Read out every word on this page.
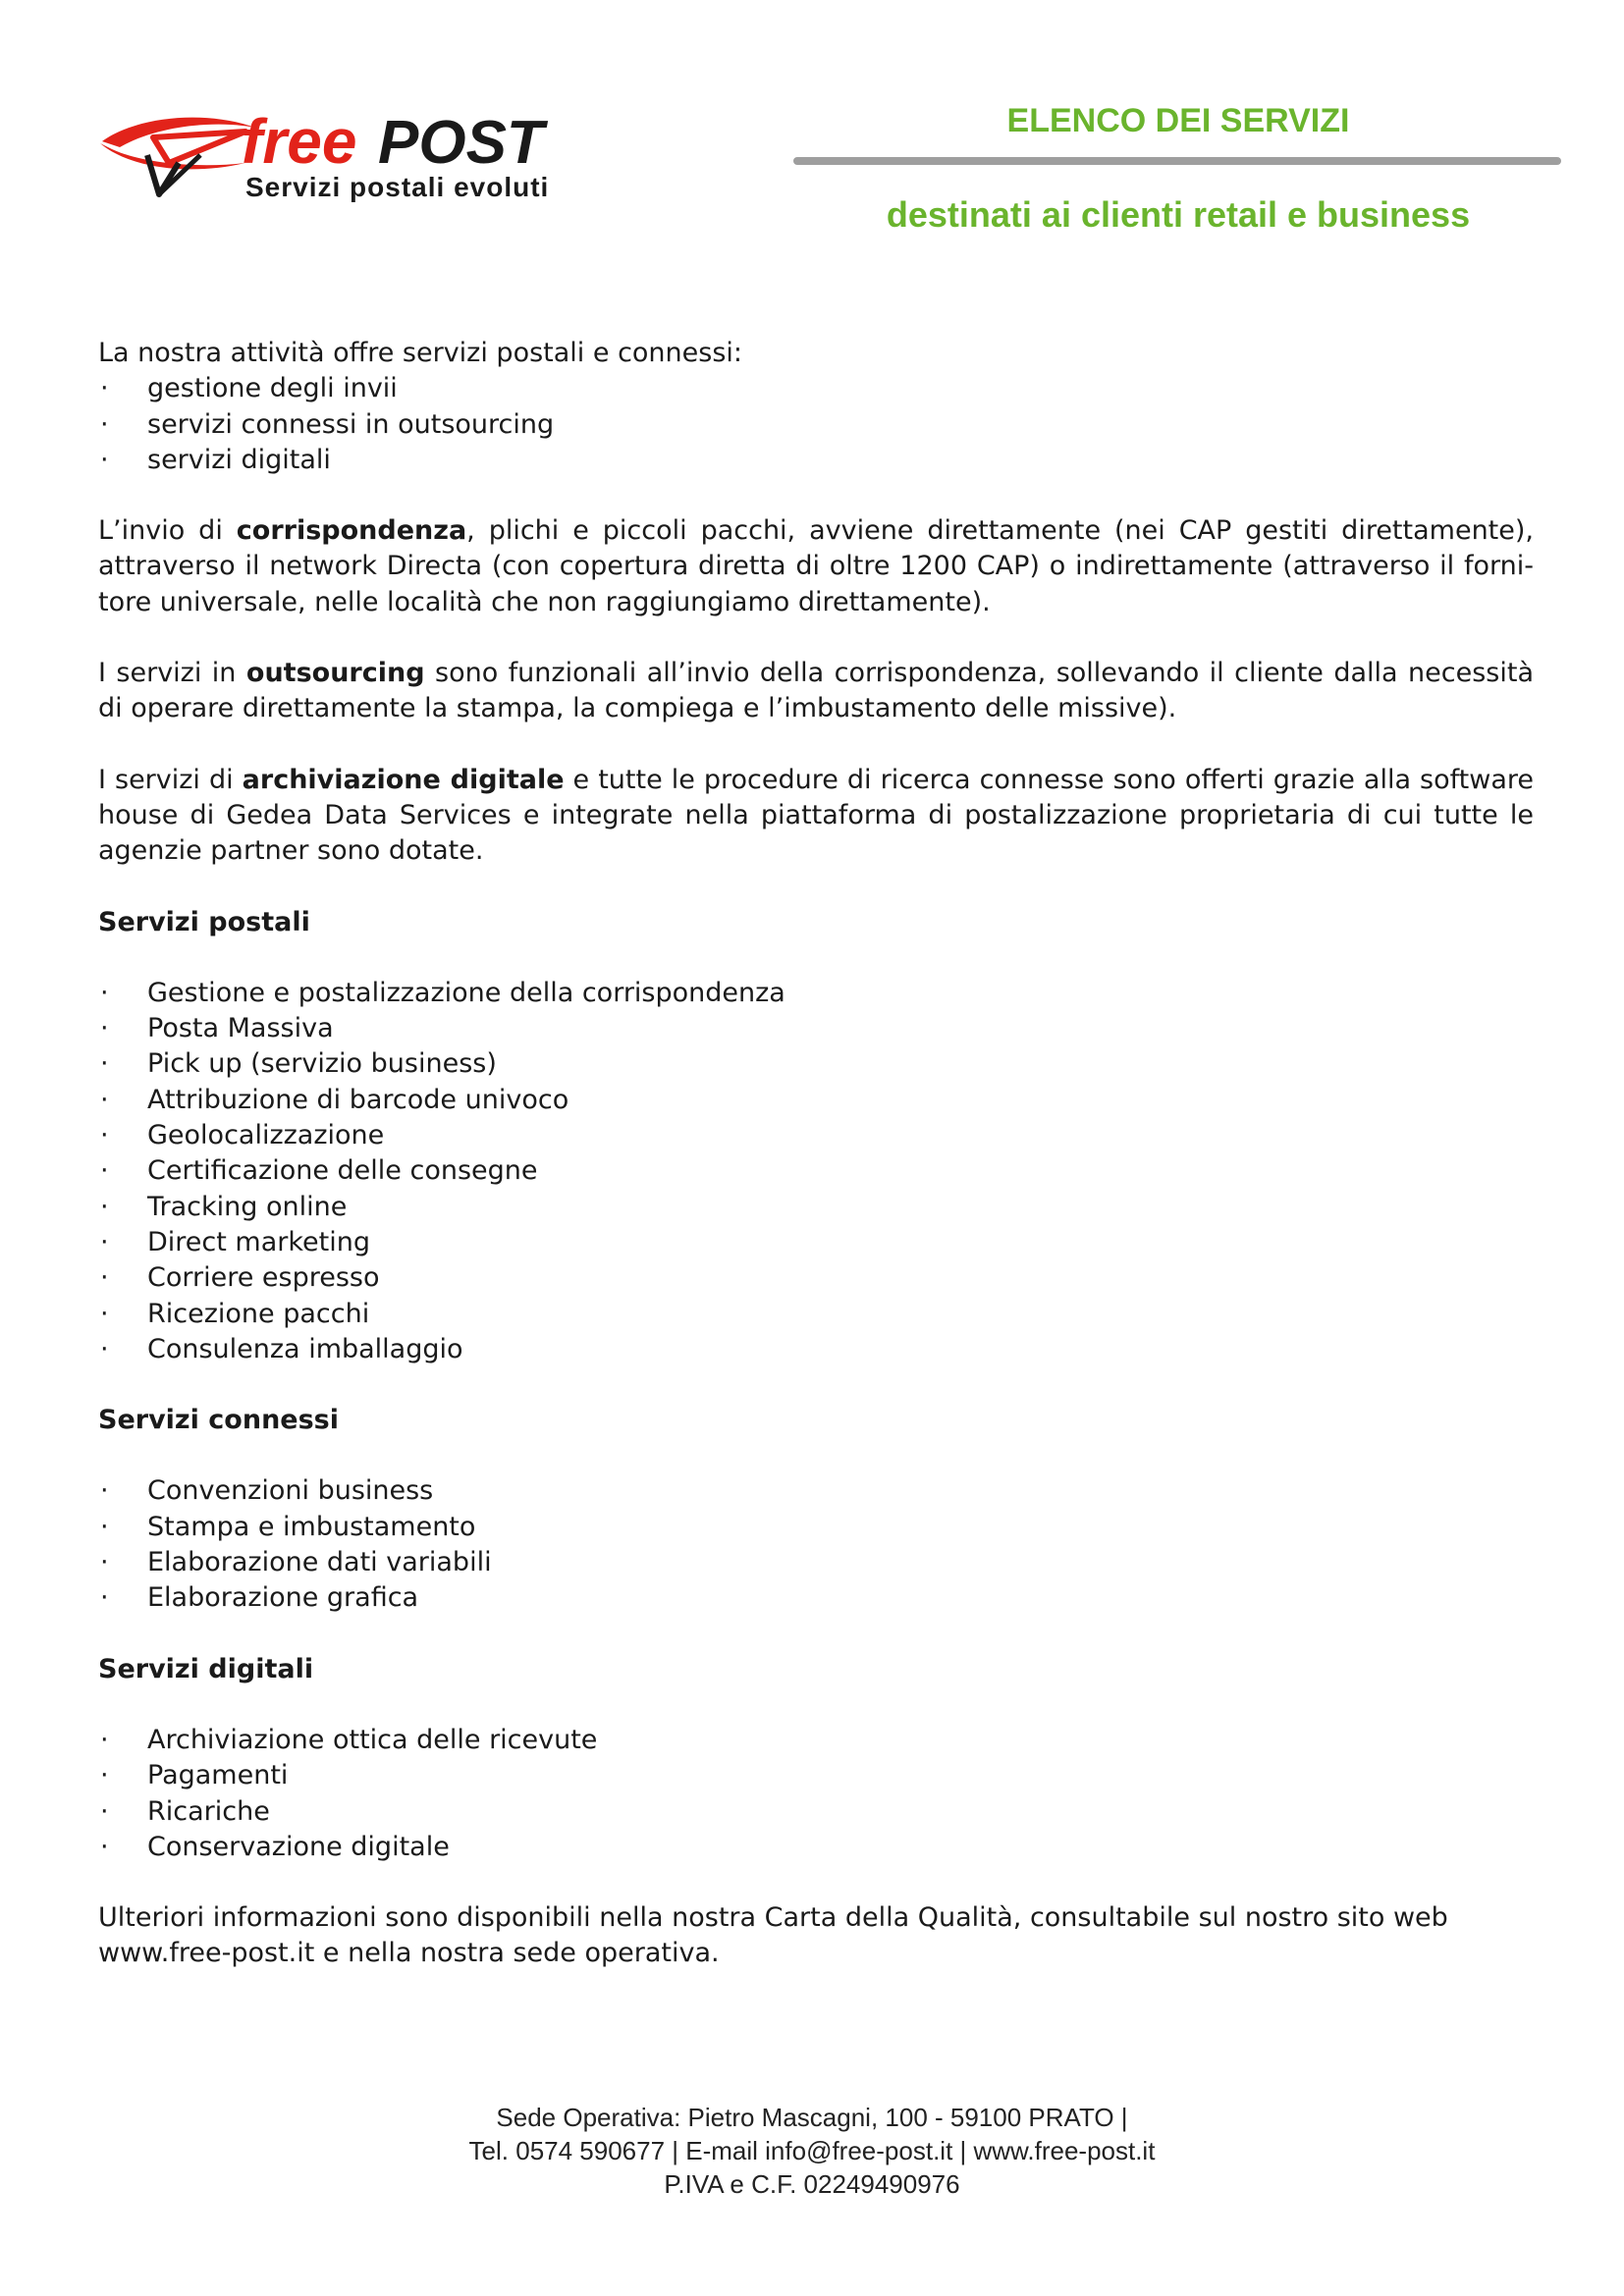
free POST
Servizi postali evoluti
ELENCO DEI SERVIZI
destinati ai clienti retail e business

La nostra attività offre servizi postali e connessi:

·	gestione degli invii
·	servizi connessi in outsourcing
·	servizi digitali

L’invio di corrispondenza, plichi e piccoli pacchi, avviene direttamente (nei CAP gestiti direttamente), attraverso il network Directa (con copertura diretta di oltre 1200 CAP) o indirettamente (attraverso il forni-tore universale, nelle località che non raggiungiamo direttamente).

I servizi in outsourcing sono funzionali all’invio della corrispondenza, sollevando il cliente dalla necessità di operare direttamente la stampa, la compiega e l’imbustamento delle missive).

I servizi di archiviazione digitale e tutte le procedure di ricerca connesse sono offerti grazie alla software house di Gedea Data Services e integrate nella piattaforma di postalizzazione proprietaria di cui tutte le agenzie partner sono dotate.

Servizi postali

·	Gestione e postalizzazione della corrispondenza
·	Posta Massiva
·	Pick up (servizio business)
·	Attribuzione di barcode univoco
·	Geolocalizzazione
·	Certificazione delle consegne
·	Tracking online
·	Direct marketing
·	Corriere espresso
·	Ricezione pacchi
·	Consulenza imballaggio

Servizi connessi

·	Convenzioni business
·	Stampa e imbustamento
·	Elaborazione dati variabili
·	Elaborazione grafica

Servizi digitali

·	Archiviazione ottica delle ricevute
·	Pagamenti
·	Ricariche
·	Conservazione digitale

Ulteriori informazioni sono disponibili nella nostra Carta della Qualità, consultabile sul nostro sito web www.free-post.it e nella nostra sede operativa.

Sede Operativa: Pietro Mascagni, 100 - 59100 PRATO |
Tel. 0574 590677 | E-mail info@free-post.it | www.free-post.it
P.IVA e C.F. 02249490976
